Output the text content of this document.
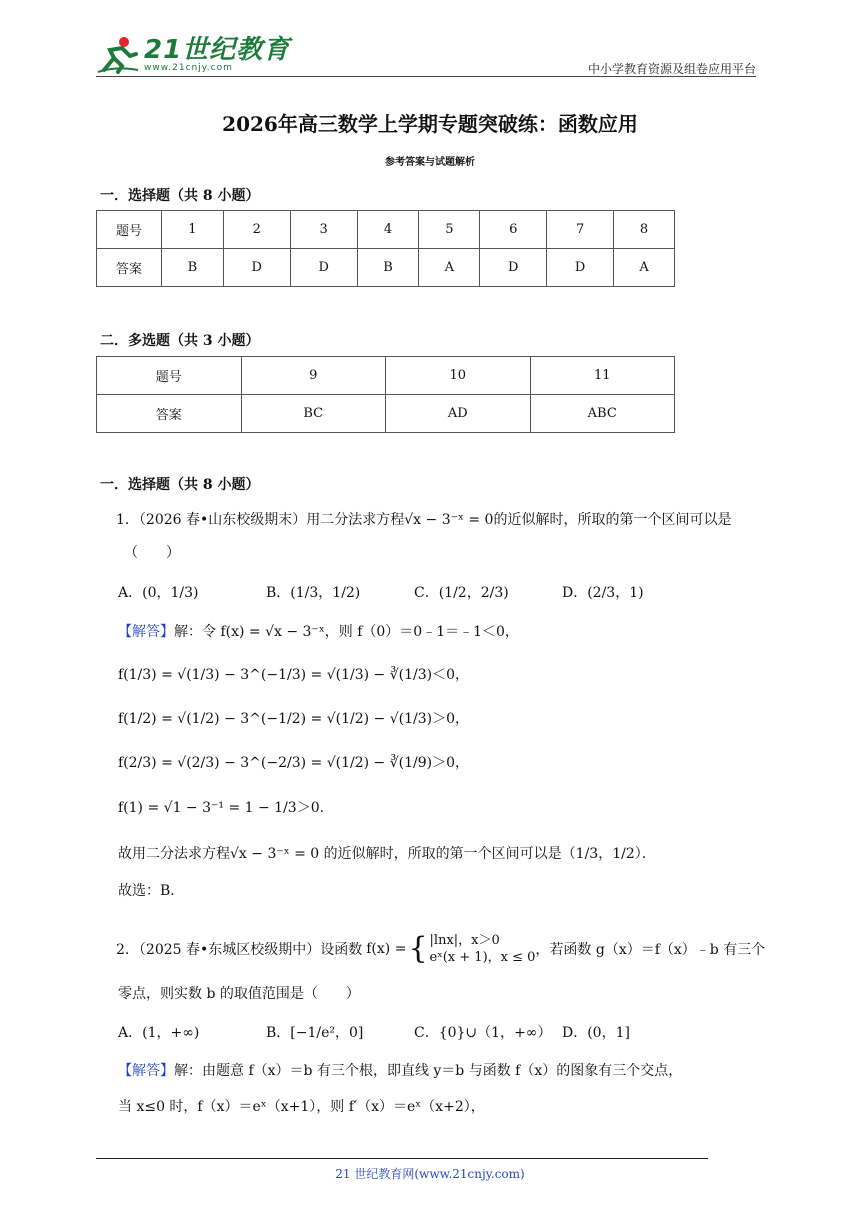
21世纪教育
www.21cnjy.com	中小学教育资源及组卷应用平台
2026年高三数学上学期专题突破练：函数应用
参考答案与试题解析
一．选择题（共 8 小题）
题号	1	2	3	4	5	6	7	8
答案	B	D	D	B	A	D	D	A
二．多选题（共 3 小题）
题号	9	10	11
答案	BC	AD	ABC
一．选择题（共 8 小题）
1．（2026 春•山东校级期末）用二分法求方程√x − 3⁻ˣ = 0的近似解时，所取的第一个区间可以是
（　　）
A．(0，1/3)	B．(1/3，1/2)	C．(1/2，2/3)	D．(2/3，1)
【解答】解：令 f(x) = √x − 3⁻ˣ，则 f（0）＝0﹣1＝﹣1＜0，
f(1/3) = √(1/3) − 3^(−1/3) = √(1/3) − ∛(1/3)＜0，
f(1/2) = √(1/2) − 3^(−1/2) = √(1/2) − √(1/3)＞0，
f(2/3) = √(2/3) − 3^(−2/3) = √(1/2) − ∛(1/9)＞0，
f(1) = √1 − 3⁻¹ = 1 − 1/3＞0．
故用二分法求方程√x − 3⁻ˣ = 0 的近似解时，所取的第一个区间可以是（1/3，1/2）．
故选：B．
2．（2025 春•东城区校级期中）设函数 f(x) = { |lnx|，x＞0
eˣ(x + 1)，x ≤ 0 ，若函数 g（x）＝f（x）﹣b 有三个
零点，则实数 b 的取值范围是（　　）
A．(1，+∞)	B．[−1/e²，0]	C．{0}∪（1，+∞） D．(0，1]
【解答】解：由题意 f（x）＝b 有三个根，即直线 y＝b 与函数 f（x）的图象有三个交点，
当 x≤0 时，f（x）＝eˣ（x+1），则 f′（x）＝eˣ（x+2），
21 世纪教育网(www.21cnjy.com)
